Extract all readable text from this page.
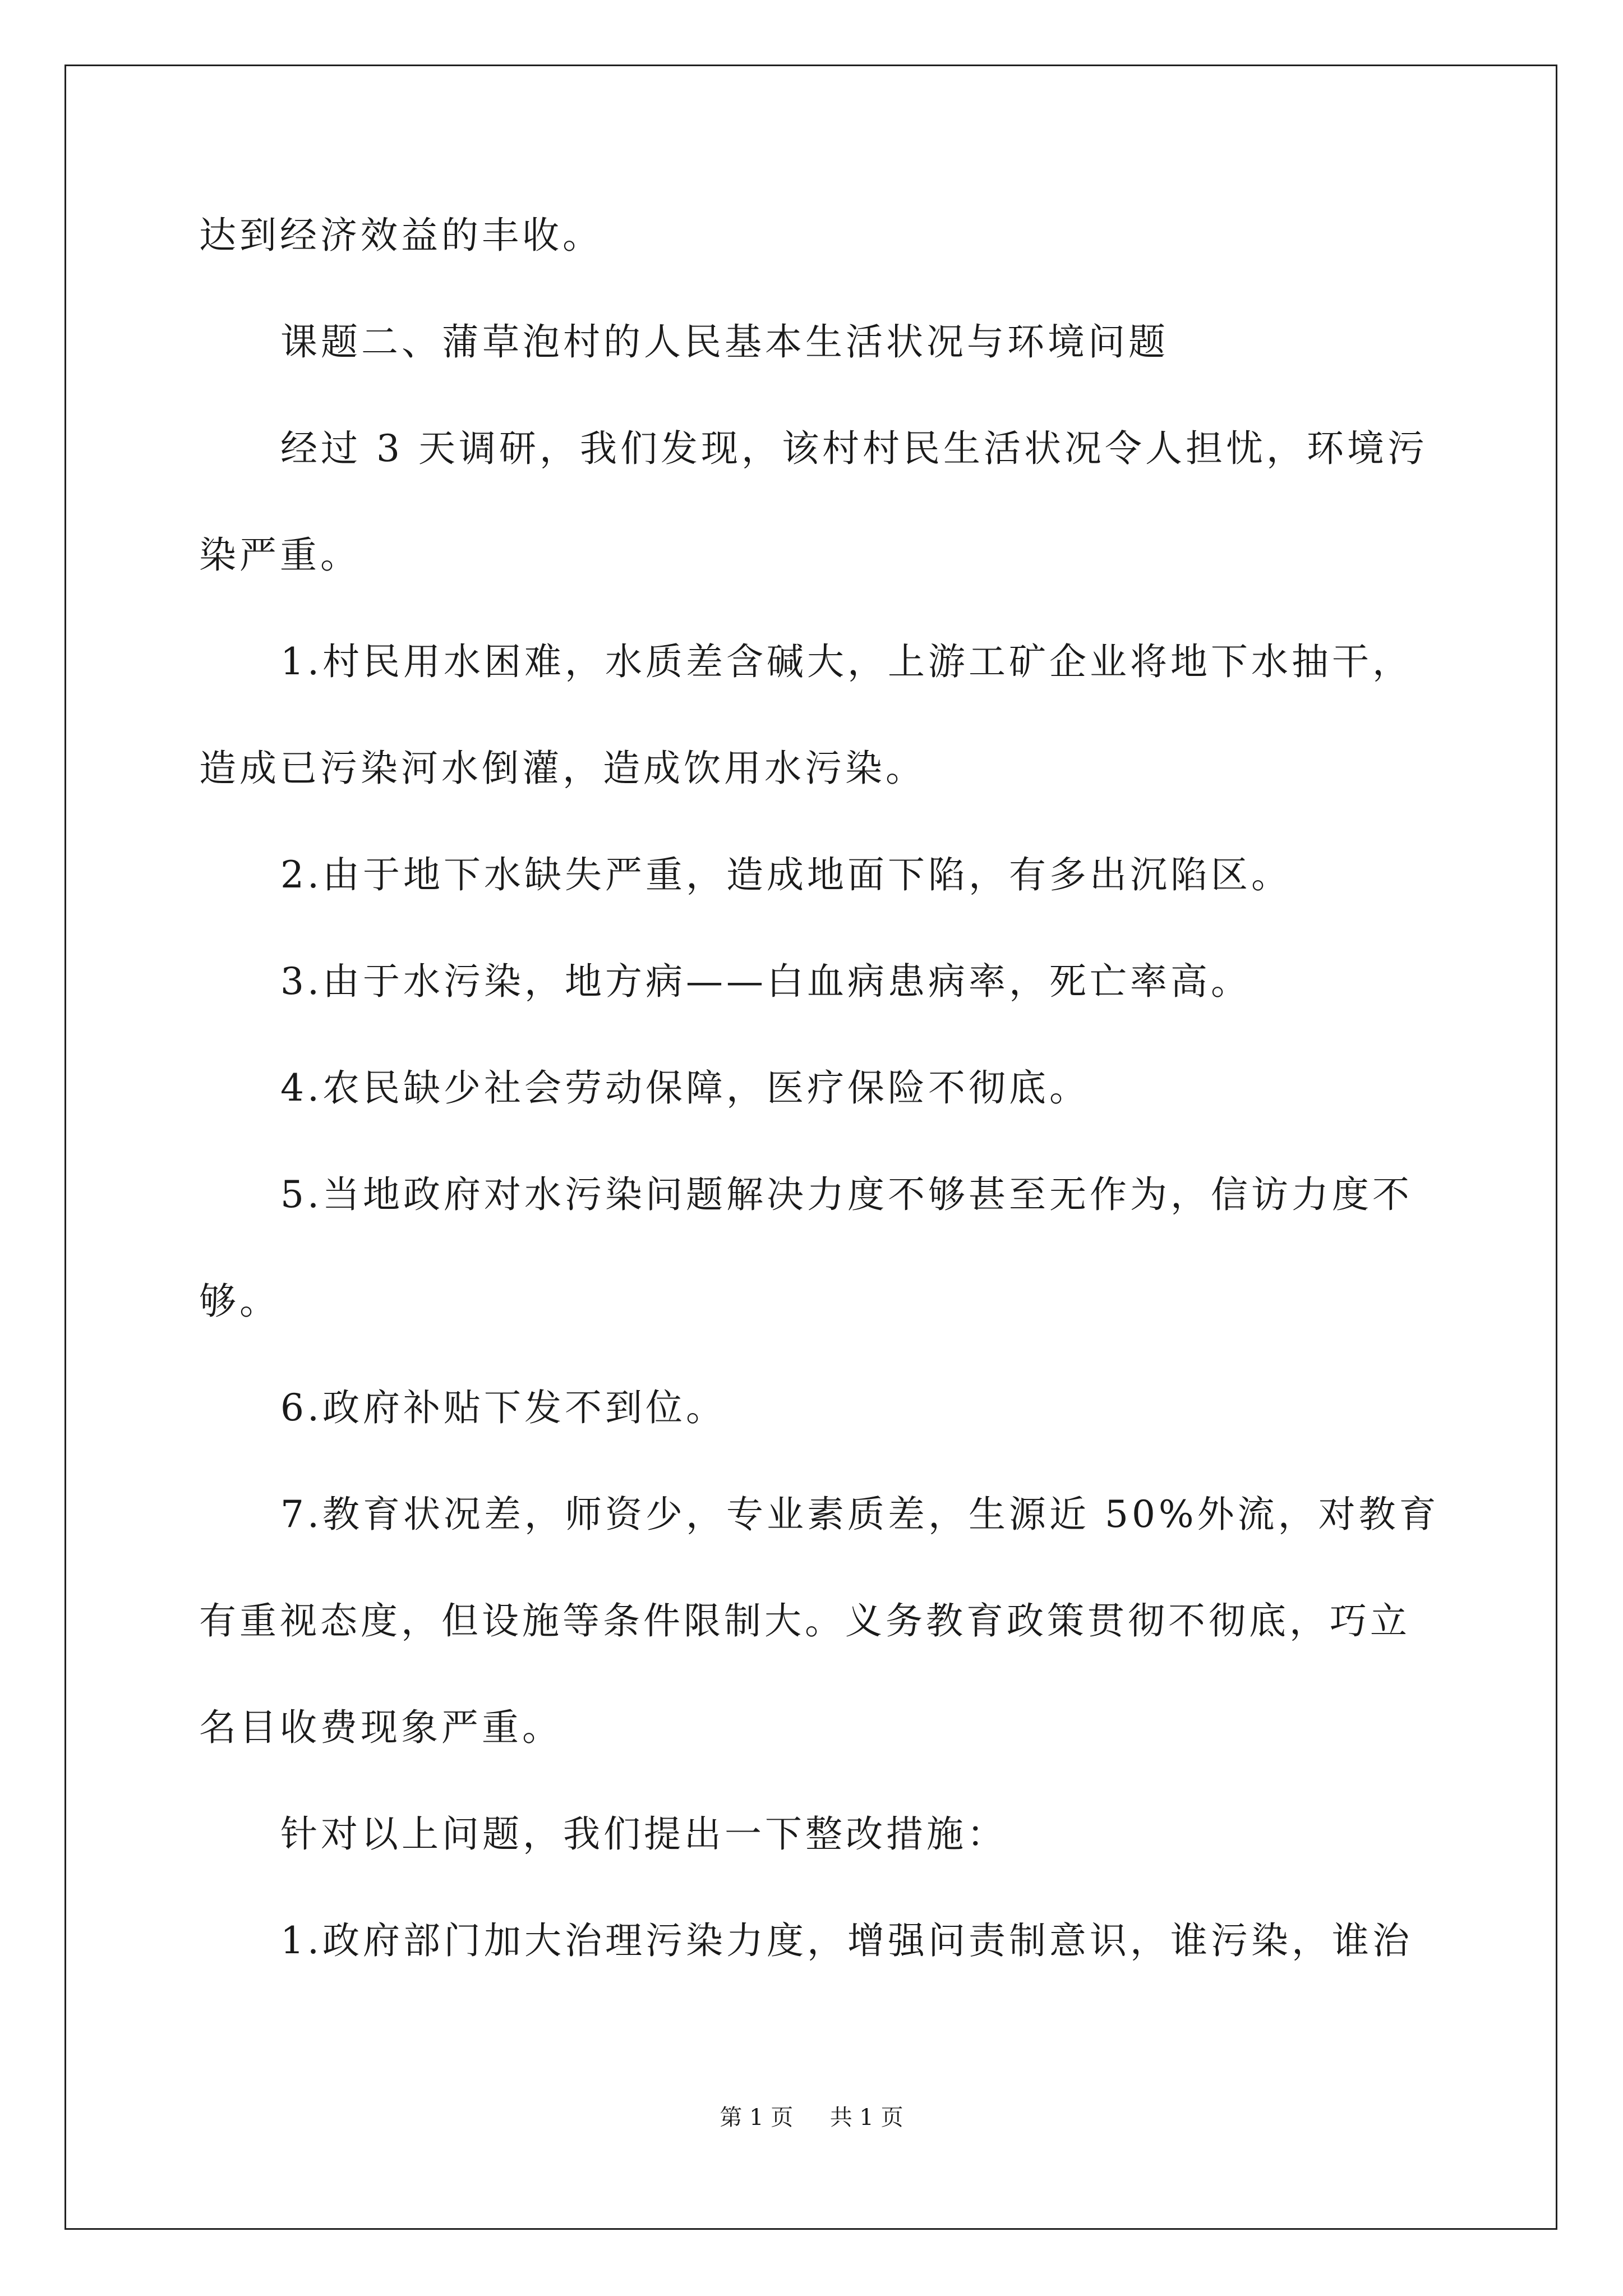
达到经济效益的丰收。
课题二、蒲草泡村的人民基本生活状况与环境问题
经过 3 天调研，我们发现，该村村民生活状况令人担忧，环境污
染严重。
1.村民用水困难，水质差含碱大，上游工矿企业将地下水抽干，
造成已污染河水倒灌，造成饮用水污染。
2.由于地下水缺失严重，造成地面下陷，有多出沉陷区。
3.由于水污染，地方病——白血病患病率，死亡率高。
4.农民缺少社会劳动保障，医疗保险不彻底。
5.当地政府对水污染问题解决力度不够甚至无作为，信访力度不
够。
6.政府补贴下发不到位。
7.教育状况差，师资少，专业素质差，生源近 50%外流，对教育
有重视态度，但设施等条件限制大。义务教育政策贯彻不彻底，巧立
名目收费现象严重。
针对以上问题，我们提出一下整改措施：
1.政府部门加大治理污染力度，增强问责制意识，谁污染，谁治
第 1 页 共 1 页
